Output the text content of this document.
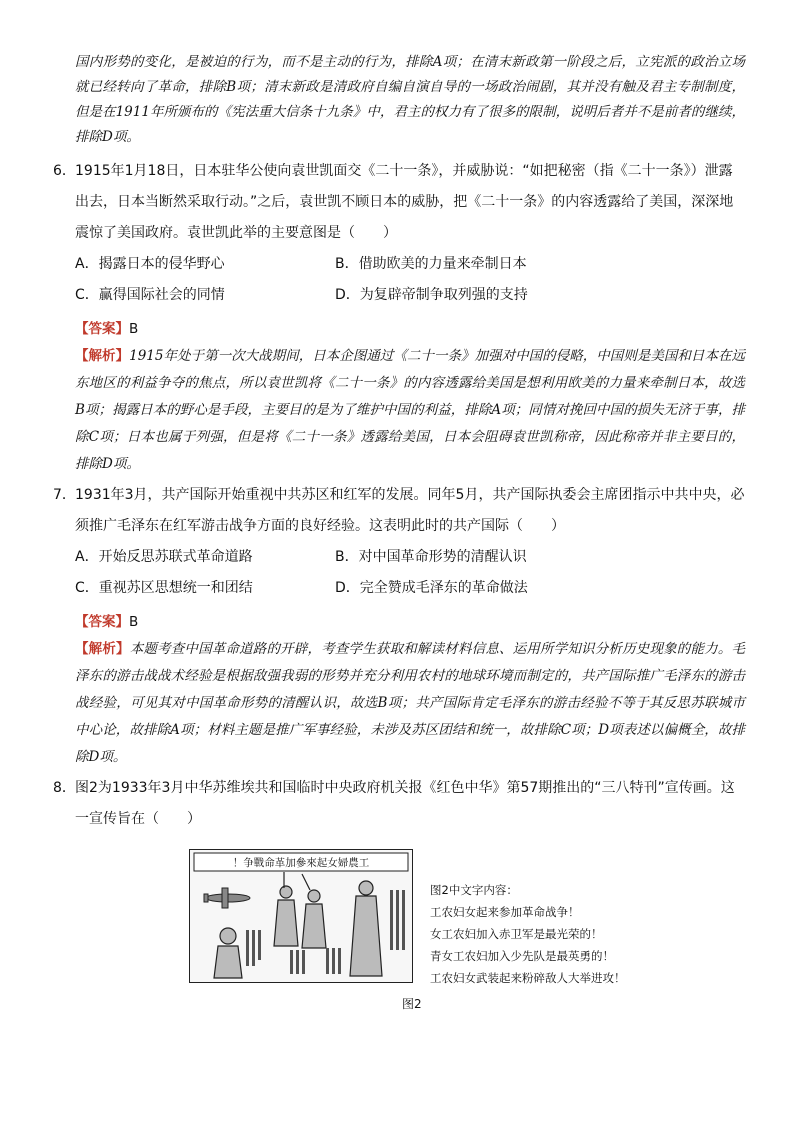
国内形势的变化，是被迫的行为，而不是主动的行为，排除A项；在清末新政第一阶段之后，立宪派的政治立场就已经转向了革命，排除B项；清末新政是清政府自编自演自导的一场政治闹剧，其并没有触及君主专制制度，但是在1911年所颁布的《宪法重大信条十九条》中，君主的权力有了很多的限制，说明后者并不是前者的继续，排除D项。

6． 1915年1月18日，日本驻华公使向袁世凯面交《二十一条》，并威胁说：“如把秘密（指《二十一条》）泄露出去，日本当断然采取行动。”之后，袁世凯不顾日本的威胁，把《二十一条》的内容透露给了美国，深深地震惊了美国政府。袁世凯此举的主要意图是（　　）

A．揭露日本的侵华野心	B．借助欧美的力量来牵制日本
C．赢得国际社会的同情	D．为复辟帝制争取列强的支持

【答案】B

【解析】1915年处于第一次大战期间，日本企图通过《二十一条》加强对中国的侵略，中国则是美国和日本在远东地区的利益争夺的焦点，所以袁世凯将《二十一条》的内容透露给美国是想利用欧美的力量来牵制日本，故选B项；揭露日本的野心是手段，主要目的是为了维护中国的利益，排除A项；同情对挽回中国的损失无济于事，排除C项；日本也属于列强，但是将《二十一条》透露给美国，日本会阻碍袁世凯称帝，因此称帝并非主要目的，排除D项。

7． 1931年3月，共产国际开始重视中共苏区和红军的发展。同年5月，共产国际执委会主席团指示中共中央，必须推广毛泽东在红军游击战争方面的良好经验。这表明此时的共产国际（　　）

A．开始反思苏联式革命道路	B．对中国革命形势的清醒认识
C．重视苏区思想统一和团结	D．完全赞成毛泽东的革命做法

【答案】B

【解析】本题考查中国革命道路的开辟，考查学生获取和解读材料信息、运用所学知识分析历史现象的能力。毛泽东的游击战战术经验是根据敌强我弱的形势并充分利用农村的地球环境而制定的，共产国际推广毛泽东的游击战经验，可见其对中国革命形势的清醒认识，故选B项；共产国际肯定毛泽东的游击经验不等于其反思苏联城市中心论，故排除A项；材料主题是推广军事经验，未涉及苏区团结和统一，故排除C项；D项表述以偏概全，故排除D项。

8． 图2为1933年3月中华苏维埃共和国临时中央政府机关报《红色中华》第57期推出的“三八特刊”宣传画。这一宣传旨在（　　）

！争戰命革加參來起女婦農工
图2中文字内容：
工农妇女起来参加革命战争！
女工农妇加入赤卫军是最光荣的！
青女工农妇加入少先队是最英勇的！
工农妇女武装起来粉碎敌人大举进攻！
图2
